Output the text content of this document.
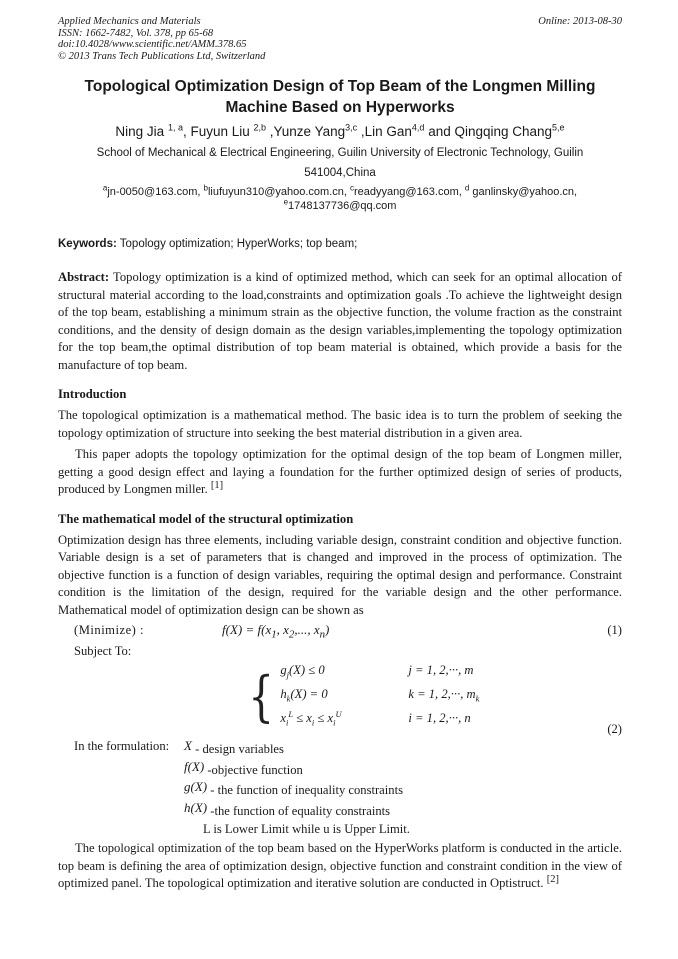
Applied Mechanics and Materials
ISSN: 1662-7482, Vol. 378, pp 65-68
doi:10.4028/www.scientific.net/AMM.378.65
© 2013 Trans Tech Publications Ltd, Switzerland
Online: 2013-08-30
Topological Optimization Design of Top Beam of the Longmen Milling Machine Based on Hyperworks
Ning Jia $^{1, a}$, Fuyun Liu $^{2,b}$ ,Yunze Yang$^{3,c}$ ,Lin Gan$^{4,d}$ and Qingqing Chang$^{5,e}$
School of Mechanical & Electrical Engineering, Guilin University of Electronic Technology, Guilin
541004,China
$^a$jn-0050@163.com, $^b$liufuyun310@yahoo.com.cn, $^c$readyyang@163.com, $^d$ ganlinsky@yahoo.cn,
$^e$1748137736@qq.com
Keywords: Topology optimization; HyperWorks; top beam;

Abstract: Topology optimization is a kind of optimized method, which can seek for an optimal allocation of structural material according to the load,constraints and optimization goals .To achieve the lightweight design of the top beam, establishing a minimum strain as the objective function, the volume fraction as the constraint conditions, and the density of design domain as the design variables,implementing the topology optimization for the top beam,the optimal distribution of top beam material is obtained, which provide a basis for the manufacture of top beam.

Introduction

The topological optimization is a mathematical method. The basic idea is to turn the problem of seeking the topology optimization of structure into seeking the best material distribution in a given area.

This paper adopts the topology optimization for the optimal design of the top beam of Longmen miller, getting a good design effect and laying a foundation for the further optimized design of series of products, produced by Longmen miller. [1]

The mathematical model of the structural optimization

Optimization design has three elements, including variable design, constraint condition and objective function. Variable design is a set of parameters that is changed and improved in the process of optimization. The objective function is a function of design variables, requiring the optimal design and performance. Constraint condition is the limitation of the design, required for the variable design and the other performance. Mathematical model of optimization design can be shown as

(Minimize) :	$f(X) = f(x_1$, $x_2$,..., $x_n$)	(1)
Subject To:
{ $g_j(X) \le 0$	j = 1, 2,···, m
$h_k(X) = 0$	k = 1, 2,···, $m_k$
$x_i^L \le x_i \le x_i^U$	i = 1, 2,···, n
(2)
In the formulation:	X - design variables
f(X) -objective function
g(X) - the function of inequality constraints
h(X) -the function of equality constraints
L is Lower Limit while u is Upper Limit.

The topological optimization of the top beam based on the HyperWorks platform is conducted in the article. top beam is defining the area of optimization design, objective function and constraint condition in the view of optimized panel. The topological optimization and iterative solution are conducted in Optistruct. [2]
